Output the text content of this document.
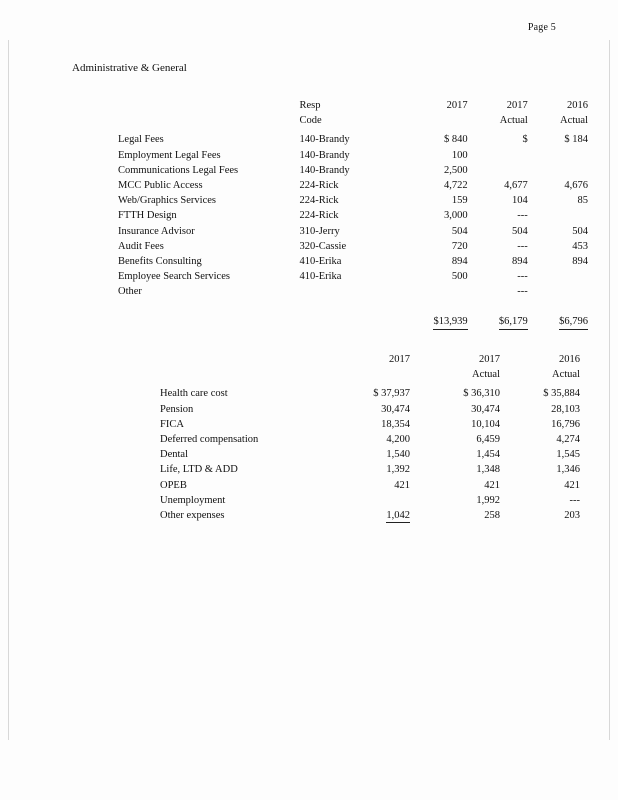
Page 5
Administrative & General
	Resp	2017	2017	2016
	Code		Actual	Actual
Legal Fees	140-Brandy	$ 840	$	$ 184
Employment Legal Fees	140-Brandy	100		
Communications Legal Fees	140-Brandy	2,500		
MCC Public Access	224-Rick	4,722	4,677	4,676
Web/Graphics Services	224-Rick	159	104	85
FTTH Design	224-Rick	3,000	---	
Insurance Advisor	310-Jerry	504	504	504
Audit Fees	320-Cassie	720	---	453
Benefits Consulting	410-Erika	894	894	894
Employee Search Services	410-Erika	500	---	
Other			---	
		$13,939	$6,179	$6,796
	2017	2017	2016
		Actual	Actual
Health care cost	$ 37,937	$ 36,310	$ 35,884
Pension	30,474	30,474	28,103
FICA	18,354	10,104	16,796
Deferred compensation	4,200	6,459	4,274
Dental	1,540	1,454	1,545
Life, LTD & ADD	1,392	1,348	1,346
OPEB	421	421	421
Unemployment		1,992	---
Other expenses	1,042	258	203
